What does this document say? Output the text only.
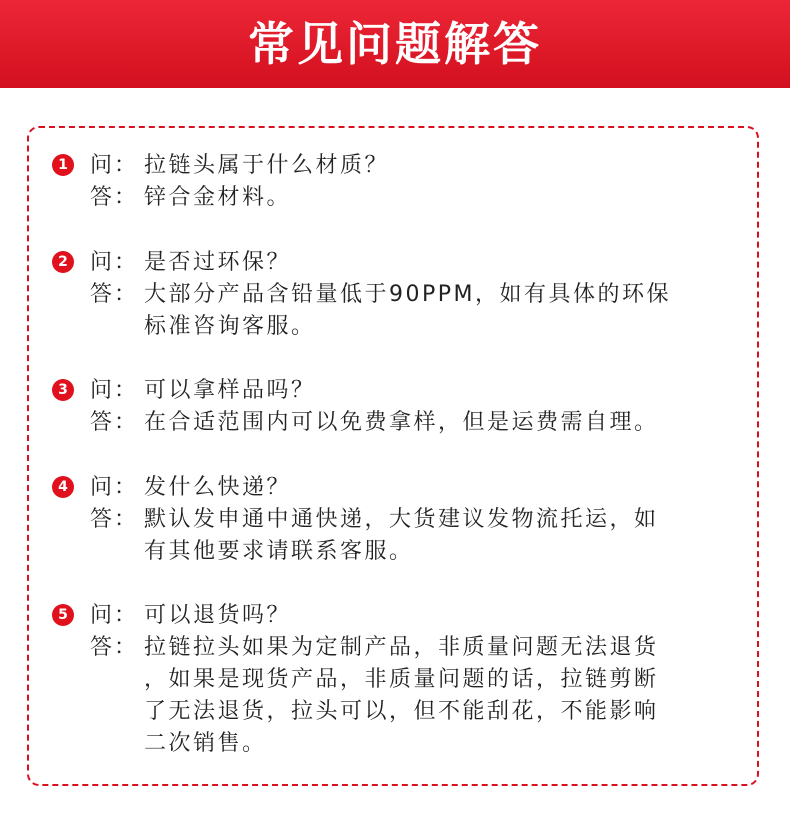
常见问题解答
1 问： 拉链头属于什么材质？
答： 锌合金材料。
2 问： 是否过环保？
答： 大部分产品含铅量低于90PPM，如有具体的环保
标准咨询客服。
3 问： 可以拿样品吗？
答： 在合适范围内可以免费拿样，但是运费需自理。
4 问： 发什么快递？
答： 默认发申通中通快递，大货建议发物流托运，如
有其他要求请联系客服。
5 问： 可以退货吗？
答： 拉链拉头如果为定制产品，非质量问题无法退货
，如果是现货产品，非质量问题的话，拉链剪断
了无法退货，拉头可以，但不能刮花，不能影响
二次销售。
